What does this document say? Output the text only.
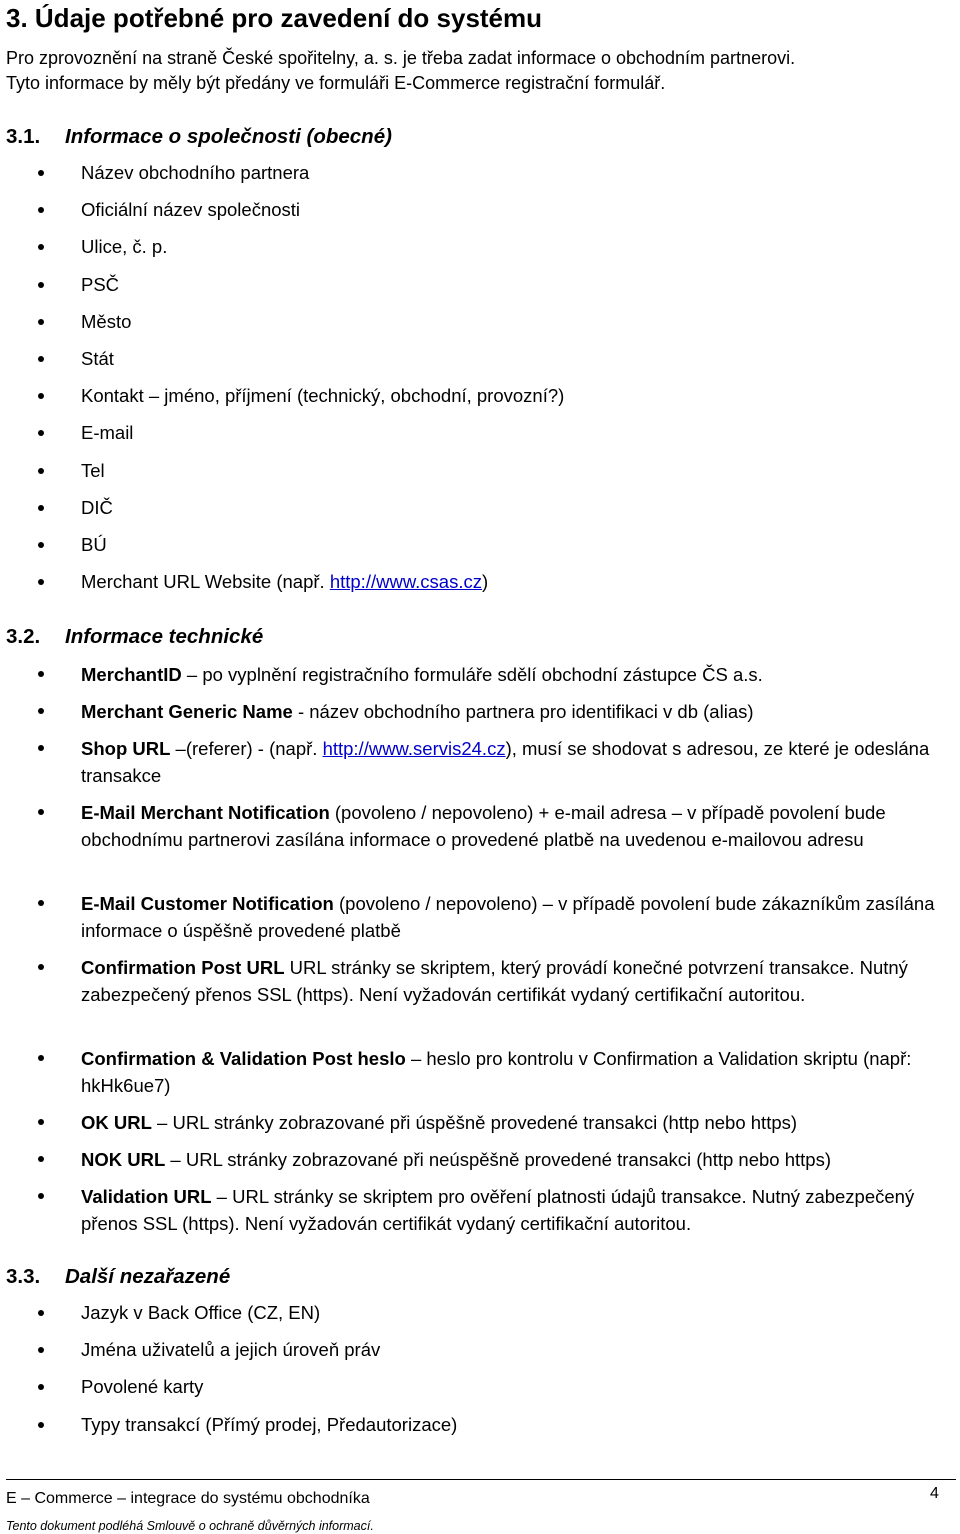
3. Údaje potřebné pro zavedení do systému

Pro zprovoznění na straně České spořitelny, a. s. je třeba zadat informace o obchodním partnerovi.

Tyto informace by měly být předány ve formuláři E-Commerce registrační formulář.

3.1. Informace o společnosti (obecné)
Název obchodního partnera
Oficiální název společnosti
Ulice, č. p.
PSČ
Město
Stát
Kontakt – jméno, příjmení (technický, obchodní, provozní?)
E-mail
Tel
DIČ
BÚ
Merchant URL Website (např. http://www.csas.cz)
3.2. Informace technické
MerchantID – po vyplnění registračního formuláře sdělí obchodní zástupce ČS a.s.
Merchant Generic Name - název obchodního partnera pro identifikaci v db (alias)
Shop URL –(referer) - (např. http://www.servis24.cz), musí se shodovat s adresou, ze které je odeslána transakce
E-Mail Merchant Notification (povoleno / nepovoleno) + e-mail adresa – v případě povolení bude obchodnímu partnerovi zasílána informace o provedené platbě na uvedenou e-mailovou adresu
E-Mail Customer Notification (povoleno / nepovoleno) – v případě povolení bude zákazníkům zasílána informace o úspěšně provedené platbě
Confirmation Post URL URL stránky se skriptem, který provádí konečné potvrzení transakce. Nutný zabezpečený přenos SSL (https). Není vyžadován certifikát vydaný certifikační autoritou.
Confirmation & Validation Post heslo – heslo pro kontrolu v Confirmation a Validation skriptu (např: hkHk6ue7)
OK URL – URL stránky zobrazované při úspěšně provedené transakci (http nebo https)
NOK URL – URL stránky zobrazované při neúspěšně provedené transakci (http nebo https)
Validation URL – URL stránky se skriptem pro ověření platnosti údajů transakce. Nutný zabezpečený přenos SSL (https). Není vyžadován certifikát vydaný certifikační autoritou.
3.3. Další nezařazené
Jazyk v Back Office (CZ, EN)
Jména uživatelů a jejich úroveň práv
Povolené karty
Typy transakcí (Přímý prodej, Předautorizace)
E – Commerce – integrace do systému obchodníka	4
Tento dokument podléhá Smlouvě o ochraně důvěrných informací.
